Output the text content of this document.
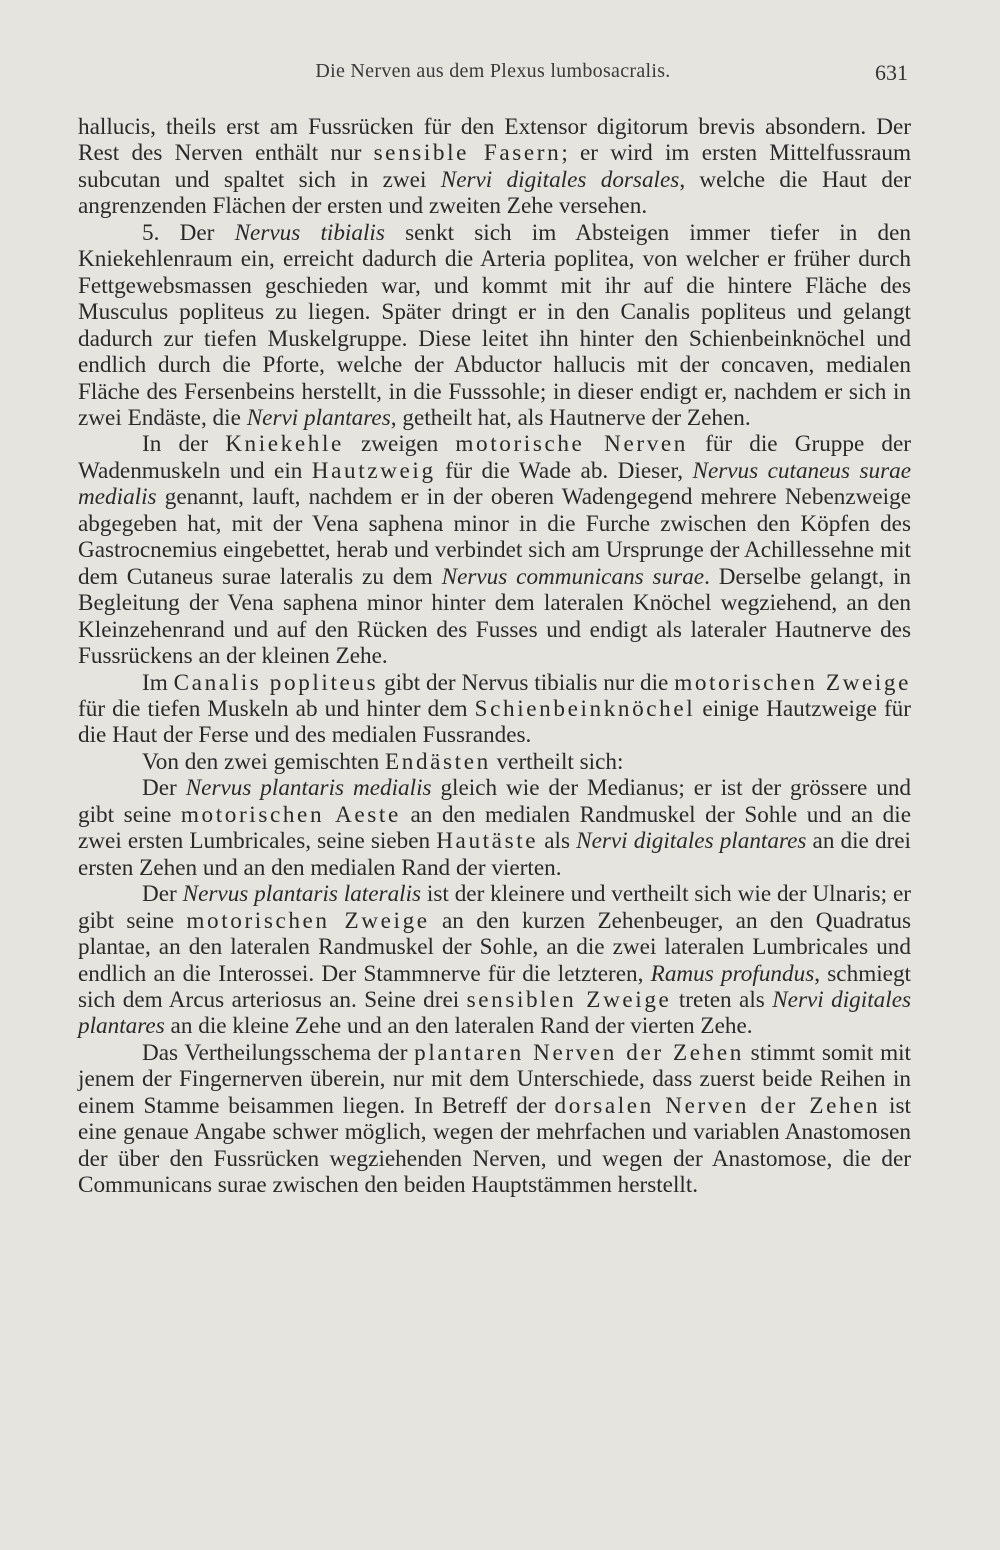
Die Nerven aus dem Plexus lumbosacralis.	631

hallucis, theils erst am Fussrücken für den Extensor digitorum brevis absondern. Der Rest des Nerven enthält nur sensible Fasern; er wird im ersten Mittelfussraum subcutan und spaltet sich in zwei Nervi digitales dorsales, welche die Haut der angrenzenden Flächen der ersten und zweiten Zehe versehen.

5. Der Nervus tibialis senkt sich im Absteigen immer tiefer in den Kniekehlenraum ein, erreicht dadurch die Arteria poplitea, von welcher er früher durch Fettgewebsmassen geschieden war, und kommt mit ihr auf die hintere Fläche des Musculus popliteus zu liegen. Später dringt er in den Canalis popliteus und gelangt dadurch zur tiefen Muskelgruppe. Diese leitet ihn hinter den Schienbeinknöchel und endlich durch die Pforte, welche der Abductor hallucis mit der concaven, medialen Fläche des Fersenbeins herstellt, in die Fusssohle; in dieser endigt er, nachdem er sich in zwei Endäste, die Nervi plantares, getheilt hat, als Hautnerve der Zehen.

In der Kniekehle zweigen motorische Nerven für die Gruppe der Wadenmuskeln und ein Hautzweig für die Wade ab. Dieser, Nervus cutaneus surae medialis genannt, lauft, nachdem er in der oberen Wadengegend mehrere Nebenzweige abgegeben hat, mit der Vena saphena minor in die Furche zwischen den Köpfen des Gastrocnemius eingebettet, herab und verbindet sich am Ursprunge der Achillessehne mit dem Cutaneus surae lateralis zu dem Nervus communicans surae. Derselbe gelangt, in Begleitung der Vena saphena minor hinter dem lateralen Knöchel wegziehend, an den Kleinzehenrand und auf den Rücken des Fusses und endigt als lateraler Hautnerve des Fussrückens an der kleinen Zehe.

Im Canalis popliteus gibt der Nervus tibialis nur die motorischen Zweige für die tiefen Muskeln ab und hinter dem Schienbeinknöchel einige Hautzweige für die Haut der Ferse und des medialen Fussrandes.

Von den zwei gemischten Endästen vertheilt sich:

Der Nervus plantaris medialis gleich wie der Medianus; er ist der grössere und gibt seine motorischen Aeste an den medialen Randmuskel der Sohle und an die zwei ersten Lumbricales, seine sieben Hautäste als Nervi digitales plantares an die drei ersten Zehen und an den medialen Rand der vierten.

Der Nervus plantaris lateralis ist der kleinere und vertheilt sich wie der Ulnaris; er gibt seine motorischen Zweige an den kurzen Zehenbeuger, an den Quadratus plantae, an den lateralen Randmuskel der Sohle, an die zwei lateralen Lumbricales und endlich an die Interossei. Der Stammnerve für die letzteren, Ramus profundus, schmiegt sich dem Arcus arteriosus an. Seine drei sensiblen Zweige treten als Nervi digitales plantares an die kleine Zehe und an den lateralen Rand der vierten Zehe.

Das Vertheilungsschema der plantaren Nerven der Zehen stimmt somit mit jenem der Fingernerven überein, nur mit dem Unterschiede, dass zuerst beide Reihen in einem Stamme beisammen liegen. In Betreff der dorsalen Nerven der Zehen ist eine genaue Angabe schwer möglich, wegen der mehrfachen und variablen Anastomosen der über den Fussrücken wegziehenden Nerven, und wegen der Anastomose, die der Communicans surae zwischen den beiden Hauptstämmen herstellt.
